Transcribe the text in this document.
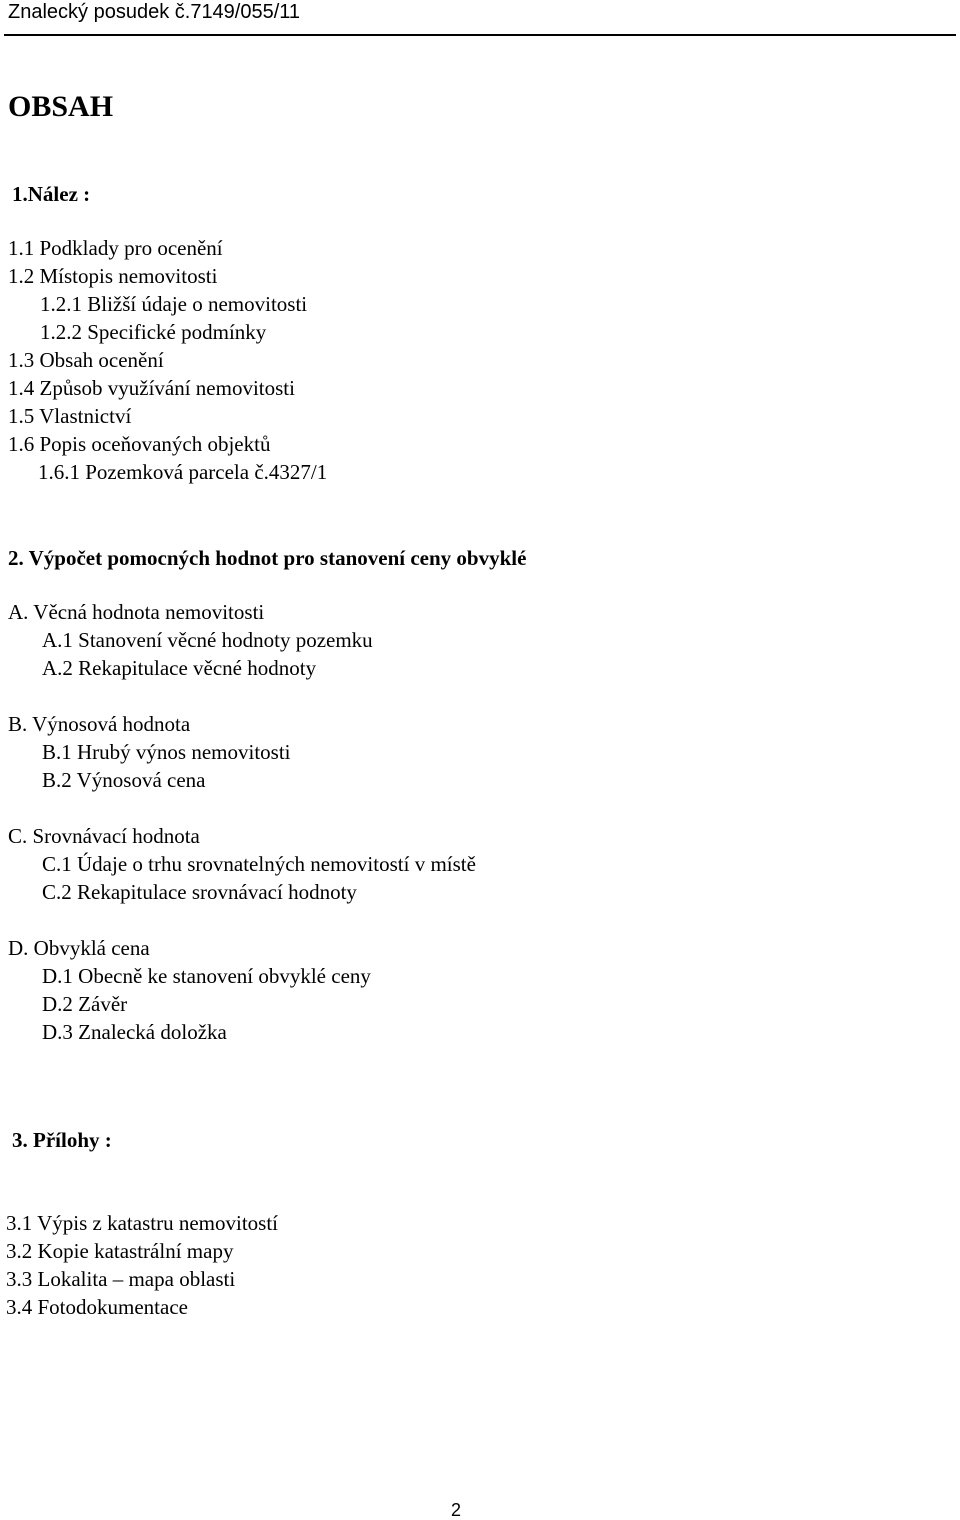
Znalecký posudek č.7149/055/11
OBSAH
1.Nález :
1.1 Podklady pro ocenění
1.2 Místopis nemovitosti
1.2.1 Bližší údaje o nemovitosti
1.2.2 Specifické podmínky
1.3 Obsah ocenění
1.4 Způsob využívání nemovitosti
1.5 Vlastnictví
1.6 Popis oceňovaných objektů
1.6.1 Pozemková parcela č.4327/1
2. Výpočet pomocných hodnot pro stanovení ceny obvyklé
A. Věcná hodnota nemovitosti
A.1 Stanovení věcné hodnoty pozemku
A.2 Rekapitulace věcné hodnoty
B. Výnosová hodnota
B.1 Hrubý výnos nemovitosti
B.2 Výnosová cena
C. Srovnávací hodnota
C.1 Údaje o trhu srovnatelných nemovitostí v místě
C.2 Rekapitulace srovnávací hodnoty
D. Obvyklá cena
D.1 Obecně ke stanovení obvyklé ceny
D.2 Závěr
D.3 Znalecká doložka
3. Přílohy :
3.1 Výpis z katastru nemovitostí
3.2 Kopie katastrální mapy
3.3 Lokalita – mapa oblasti
3.4 Fotodokumentace
2
